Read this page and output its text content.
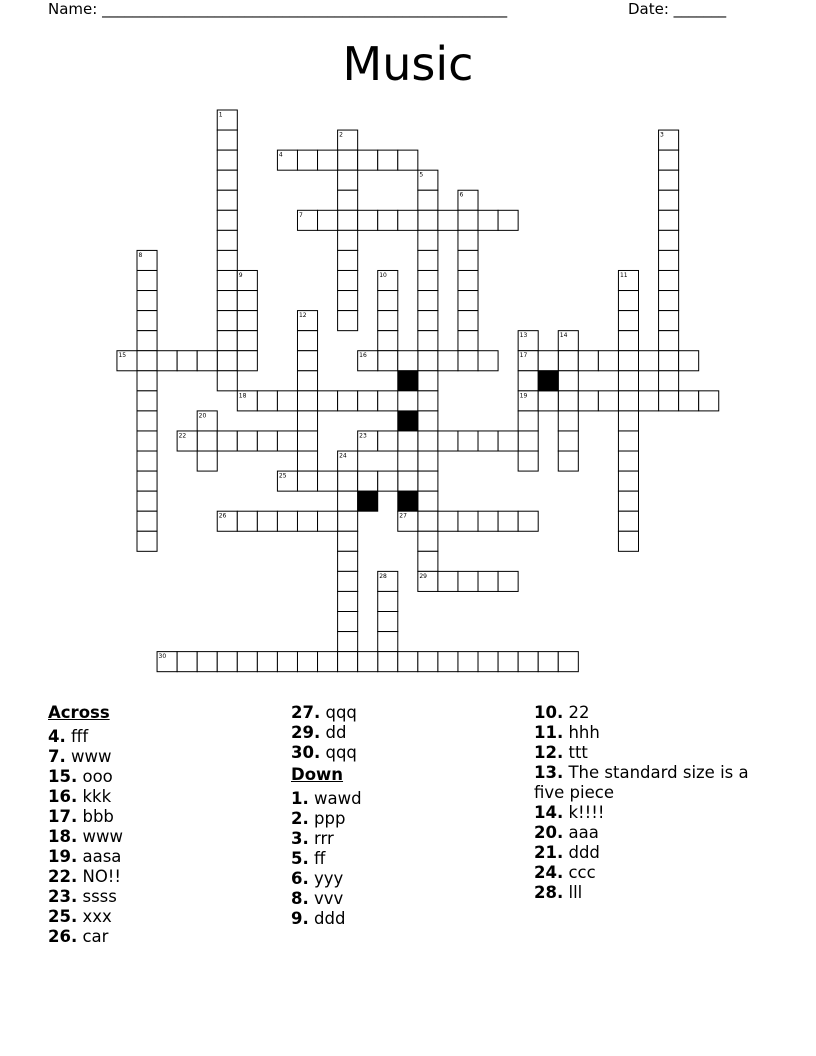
Name: ______________________________________________________	Date: _______
Music
1
2	3
4
5
6
7
8
9	10	11
12
13	14
15	16	17
18	19
20	21
22	23
24
25
26	27
28	29
30
Across
4. fff
7. www
15. ooo
16. kkk
17. bbb
18. www
19. aasa
22. NO!!
23. ssss
25. xxx
26. car
27. qqq
29. dd
30. qqq
Down
1. wawd
2. ppp
3. rrr
5. ff
6. yyy
8. vvv
9. ddd
10. 22
11. hhh
12. ttt
13. The standard size is a five piece
14. k!!!!
20. aaa
21. ddd
24. ccc
28. lll
